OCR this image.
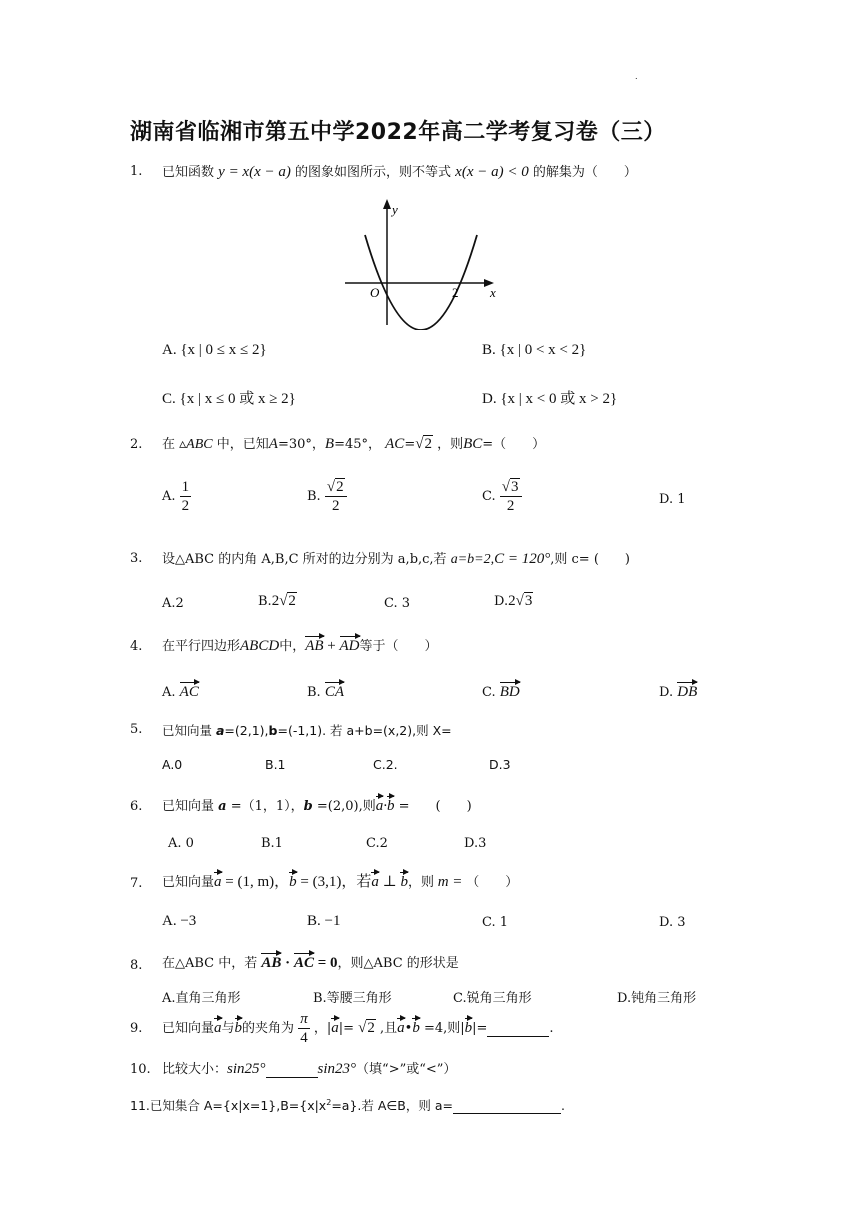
.
湖南省临湘市第五中学2022年高二学考复习卷（三）
1. 已知函数 y = x(x − a) 的图象如图所示，则不等式 x(x − a) < 0 的解集为（　　）
y
x
O	2
A. {x | 0 ≤ x ≤ 2}	B. {x | 0 < x < 2}
C. {x | x ≤ 0 或 x ≥ 2}	D. {x | x < 0 或 x > 2}
2. 在 ▵ABC 中，已知A=30°，B=45°， AC=√2 ，则BC=（　　）
A. $\frac{1}{2}$	B. $\frac{√2}{2}$	C. $\frac{√3}{2}$	D. 1
3. 设△ABC 的内角 A,B,C 所对的边分别为 a,b,c,若 a=b=2,C = 120°,则 c= (　　)
A.2	B.2√2	C. 3	D.2√3
4. 在平行四边形ABCD中，AB + AD等于（　　）
A. AC	B. CA	C. BD	D. DB
5. 已知向量 a=(2,1),b=(-1,1). 若 a+b=(x,2),则 X=
A.0	B.1	C.2.	D.3
6. 已知向量 a =（1，1），b =(2,0),则a·b =　　(　　)
A. 0	B.1	C.2	D.3
7. 已知向量a = (1, m)，b = (3,1)，若a ⊥ b，则 m = （　　）
A. −3	B. −1	C. 1	D. 3
8. 在△ABC 中，若 AB · AC = 0，则△ABC 的形状是
A.直角三角形	B.等腰三角形	C.锐角三角形	D.钝角三角形
9. 已知向量a与b的夹角为 $\frac{\pi}{4}$ ，|a|= √2 ,且a•b =4,则|b|=	.
10. 比较大小：sin25°	sin23°（填“>”或“<”）
11.已知集合 $A=\{x|x=1\},B=\{x|x^2=a\}$.若 A∈B，则 a=	.
